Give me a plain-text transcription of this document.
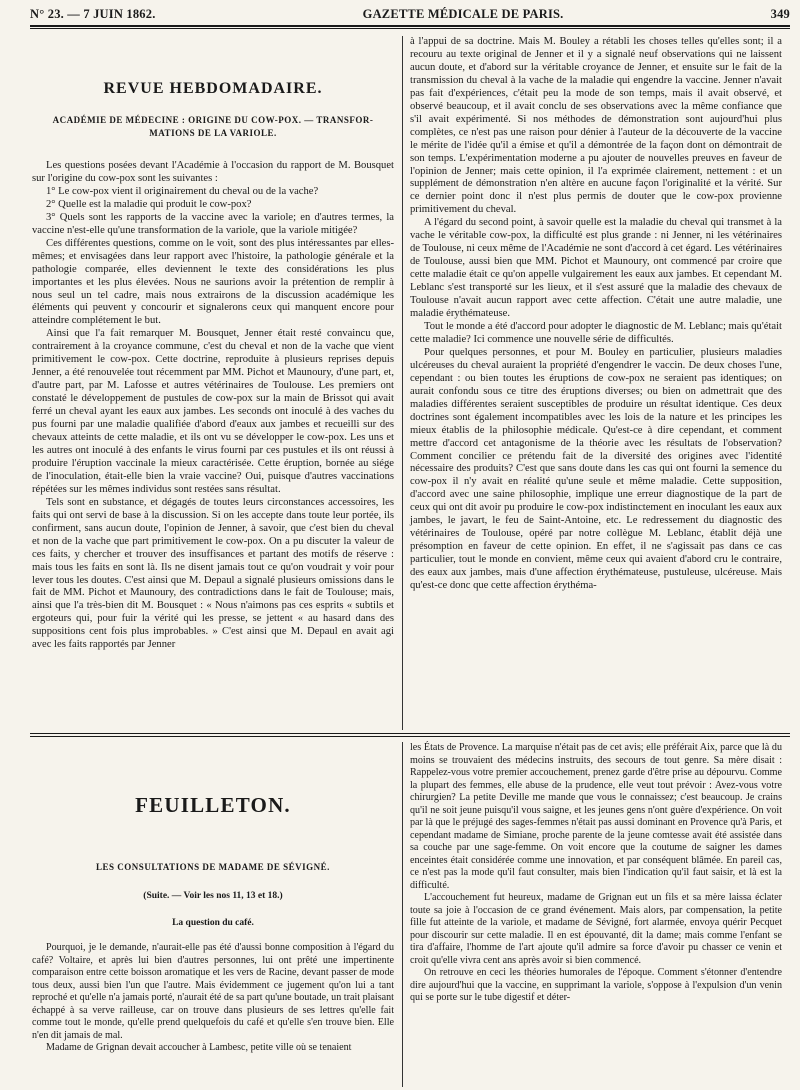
N° 23. — 7 JUIN 1862.	GAZETTE MÉDICALE DE PARIS.	349
REVUE HEBDOMADAIRE.
ACADÉMIE DE MÉDECINE : ORIGINE DU COW-POX. — TRANSFOR-
MATIONS DE LA VARIOLE.

Les questions posées devant l'Académie à l'occasion du rapport de M. Bousquet sur l'origine du cow-pox sont les suivantes :

1° Le cow-pox vient il originairement du cheval ou de la vache?

2° Quelle est la maladie qui produit le cow-pox?

3° Quels sont les rapports de la vaccine avec la variole; en d'autres termes, la vaccine n'est-elle qu'une transformation de la variole, que la variole mitigée?

Ces différentes questions, comme on le voit, sont des plus intéressantes par elles-mêmes; et envisagées dans leur rapport avec l'histoire, la pathologie générale et la pathologie comparée, elles deviennent le texte des considérations les plus importantes et les plus élevées. Nous ne saurions avoir la prétention de remplir à nous seul un tel cadre, mais nous extrairons de la discussion académique les éléments qui peuvent y concourir et signalerons ceux qui manquent encore pour atteindre complétement le but.

Ainsi que l'a fait remarquer M. Bousquet, Jenner était resté convaincu que, contrairement à la croyance commune, c'est du cheval et non de la vache que vient primitivement le cow-pox. Cette doctrine, reproduite à plusieurs reprises depuis Jenner, a été renouvelée tout récemment par MM. Pichot et Maunoury, d'une part, et, d'autre part, par M. Lafosse et autres vétérinaires de Toulouse. Les premiers ont constaté le développement de pustules de cow-pox sur la main de Brissot qui avait ferré un cheval ayant les eaux aux jambes. Les seconds ont inoculé à des vaches du pus fourni par une maladie qualifiée d'abord d'eaux aux jambes et recueilli sur des chevaux atteints de cette maladie, et ils ont vu se développer le cow-pox. Les uns et les autres ont inoculé à des enfants le virus fourni par ces pustules et ils ont réussi à produire l'éruption vaccinale la mieux caractérisée. Cette éruption, bornée au siége de l'inoculation, était-elle bien la vraie vaccine? Oui, puisque d'autres vaccinations répétées sur les mêmes individus sont restées sans résultat.

Tels sont en substance, et dégagés de toutes leurs circonstances accessoires, les faits qui ont servi de base à la discussion. Si on les accepte dans toute leur portée, ils confirment, sans aucun doute, l'opinion de Jenner, à savoir, que c'est bien du cheval et non de la vache que part primitivement le cow-pox. On a pu discuter la valeur de ces faits, y chercher et trouver des insuffisances et partant des motifs de réserve : mais tous les faits en sont là. Ils ne disent jamais tout ce qu'on voudrait y voir pour lever tous les doutes. C'est ainsi que M. Depaul a signalé plusieurs omissions dans le fait de MM. Pichot et Maunoury, des contradictions dans le fait de Toulouse; mais, ainsi que l'a très-bien dit M. Bousquet : « Nous n'aimons pas ces esprits « subtils et ergoteurs qui, pour fuir la vérité qui les presse, se jettent « au hasard dans des suppositions cent fois plus improbables. » C'est ainsi que M. Depaul en avait agi avec les faits rapportés par Jenner

à l'appui de sa doctrine. Mais M. Bouley a rétabli les choses telles qu'elles sont; il a recouru au texte original de Jenner et il y a signalé neuf observations qui ne laissent aucun doute, et d'abord sur la véritable croyance de Jenner, et ensuite sur le fait de la transmission du cheval à la vache de la maladie qui engendre la vaccine. Jenner n'avait pas fait d'expériences, c'était peu la mode de son temps, mais il avait observé, et observé beaucoup, et il avait conclu de ses observations avec la même confiance que s'il avait expérimenté. Si nos méthodes de démonstration sont aujourd'hui plus complètes, ce n'est pas une raison pour dénier à l'auteur de la découverte de la vaccine le mérite de l'idée qu'il a émise et qu'il a démontrée de la façon dont on démontrait de son temps. L'expérimentation moderne a pu ajouter de nouvelles preuves en faveur de l'opinion de Jenner; mais cette opinion, il l'a exprimée clairement, nettement : et un supplément de démonstration n'en altère en aucune façon l'originalité et la vérité. Sur ce dernier point donc il n'est plus permis de douter que le cow-pox provienne primitivement du cheval.

A l'égard du second point, à savoir quelle est la maladie du cheval qui transmet à la vache le véritable cow-pox, la difficulté est plus grande : ni Jenner, ni les vétérinaires de Toulouse, ni ceux même de l'Académie ne sont d'accord à cet égard. Les vétérinaires de Toulouse, aussi bien que MM. Pichot et Maunoury, ont commencé par croire que cette maladie était ce qu'on appelle vulgairement les eaux aux jambes. Et cependant M. Leblanc s'est transporté sur les lieux, et il s'est assuré que la maladie des chevaux de Toulouse n'avait aucun rapport avec cette affection. C'était une autre maladie, une maladie érythémateuse.

Tout le monde a été d'accord pour adopter le diagnostic de M. Leblanc; mais qu'était cette maladie? Ici commence une nouvelle série de difficultés.

Pour quelques personnes, et pour M. Bouley en particulier, plusieurs maladies ulcéreuses du cheval auraient la propriété d'engendrer le vaccin. De deux choses l'une, cependant : ou bien toutes les éruptions de cow-pox ne seraient pas identiques; on aurait confondu sous ce titre des éruptions diverses; ou bien on admettrait que des maladies différentes seraient susceptibles de produire un résultat identique. Ces deux doctrines sont également incompatibles avec les lois de la nature et les principes les mieux établis de la philosophie médicale. Qu'est-ce à dire cependant, et comment mettre d'accord cet antagonisme de la théorie avec les résultats de l'observation? Comment concilier ce prétendu fait de la diversité des origines avec l'identité nécessaire des produits? C'est que sans doute dans les cas qui ont fourni la semence du cow-pox il n'y avait en réalité qu'une seule et même maladie. Cette supposition, d'accord avec une saine philosophie, implique une erreur diagnostique de la part de ceux qui ont dit avoir pu produire le cow-pox indistinctement en inoculant les eaux aux jambes, le javart, le feu de Saint-Antoine, etc. Le redressement du diagnostic des vétérinaires de Toulouse, opéré par notre collègue M. Leblanc, établit déjà une présomption en faveur de cette opinion. En effet, il ne s'agissait pas dans ce cas particulier, tout le monde en convient, même ceux qui avaient d'abord cru le contraire, des eaux aux jambes, mais d'une affection érythémateuse, pustuleuse, ulcéreuse. Mais qu'est-ce donc que cette affection érythéma-

FEUILLETON.
LES CONSULTATIONS DE MADAME DE SÉVIGNÉ.
(Suite. — Voir les nos 11, 13 et 18.)
La question du café.

Pourquoi, je le demande, n'aurait-elle pas été d'aussi bonne composition à l'égard du café? Voltaire, et après lui bien d'autres personnes, lui ont prêté une impertinente comparaison entre cette boisson aromatique et les vers de Racine, devant passer de mode tous deux, aussi bien l'un que l'autre. Mais évidemment ce jugement qu'on lui a tant reproché et qu'elle n'a jamais porté, n'aurait été de sa part qu'une boutade, un trait plaisant échappé à sa verve railleuse, car on trouve dans plusieurs de ses lettres qu'elle fait comme tout le monde, qu'elle prend quelquefois du café et qu'elle s'en trouve bien. Elle n'en dit jamais de mal.

Madame de Grignan devait accoucher à Lambesc, petite ville où se tenaient

les États de Provence. La marquise n'était pas de cet avis; elle préférait Aix, parce que là du moins se trouvaient des médecins instruits, des secours de tout genre. Sa mère disait : Rappelez-vous votre premier accouchement, prenez garde d'être prise au dépourvu. Comme la plupart des femmes, elle abuse de la prudence, elle veut tout prévoir : Avez-vous votre chirurgien? La petite Deville me mande que vous le connaissez; c'est beaucoup. Je crains qu'il ne soit jeune puisqu'il vous saigne, et les jeunes gens n'ont guère d'expérience. On voit par là que le préjugé des sages-femmes n'était pas aussi dominant en Provence qu'à Paris, et cependant madame de Simiane, proche parente de la jeune comtesse avait été assistée dans sa couche par une sage-femme. On voit encore que la coutume de saigner les dames enceintes était considérée comme une innovation, et par conséquent blâmée. En pareil cas, ce n'est pas la mode qu'il faut consulter, mais bien l'indication qu'il faut saisir, et là est la difficulté.

L'accouchement fut heureux, madame de Grignan eut un fils et sa mère laissa éclater toute sa joie à l'occasion de ce grand événement. Mais alors, par compensation, la petite fille fut atteinte de la variole, et madame de Sévigné, fort alarmée, envoya quérir Pecquet pour discourir sur cette maladie. Il en est épouvanté, dit la dame; mais comme l'enfant se tira d'affaire, l'homme de l'art ajoute qu'il admire sa force d'avoir pu chasser ce venin et croit qu'elle vivra cent ans après avoir si bien commencé.

On retrouve en ceci les théories humorales de l'époque. Comment s'étonner d'entendre dire aujourd'hui que la vaccine, en supprimant la variole, s'oppose à l'expulsion d'un venin qui se porte sur le tube digestif et déter-
